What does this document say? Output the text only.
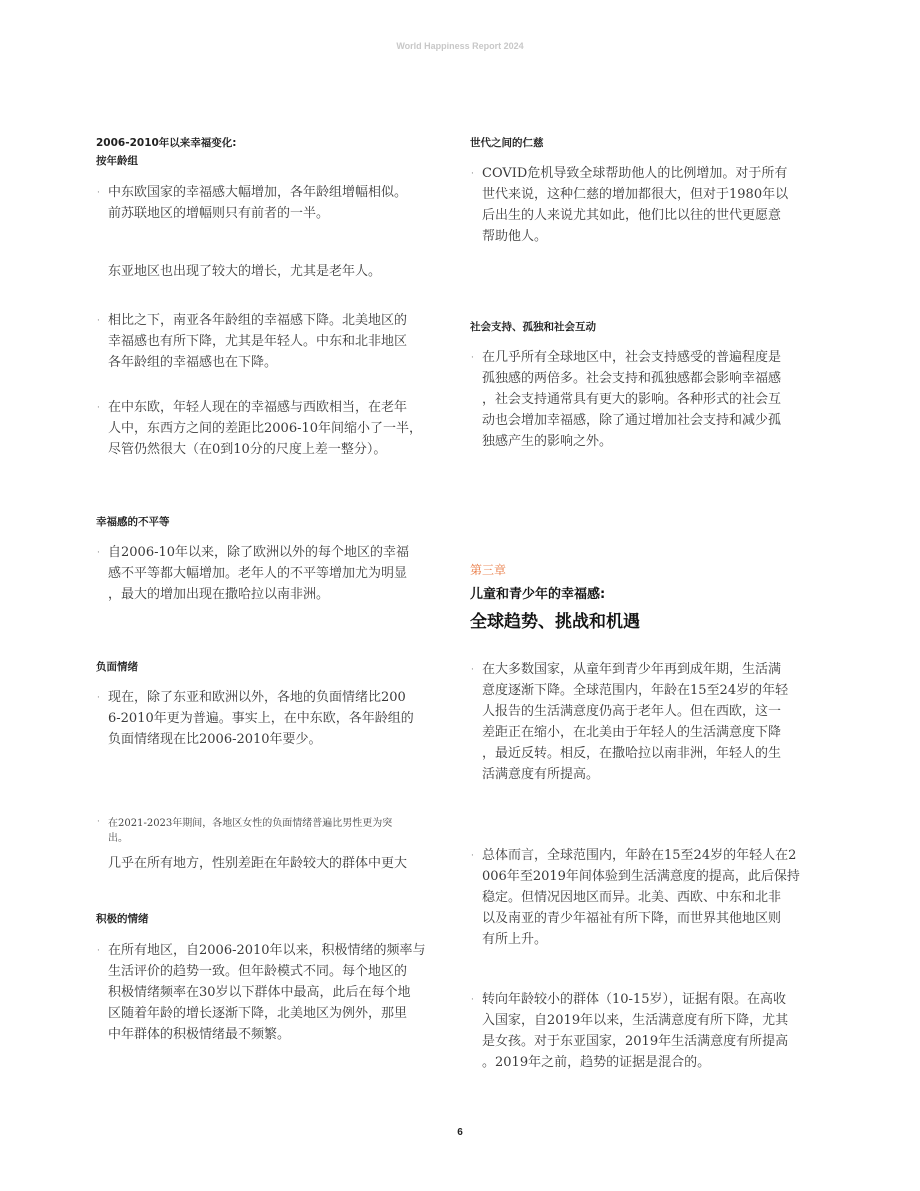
World Happiness Report 2024
2006-2010年以来幸福变化:
按年龄组
· 中东欧国家的幸福感大幅增加，各年龄组增幅相似。
前苏联地区的增幅则只有前者的一半。
东亚地区也出现了较大的增长，尤其是老年人。
· 相比之下，南亚各年龄组的幸福感下降。北美地区的
幸福感也有所下降，尤其是年轻人。中东和北非地区
各年龄组的幸福感也在下降。
· 在中东欧，年轻人现在的幸福感与西欧相当，在老年
人中，东西方之间的差距比2006-10年间缩小了一半，
尽管仍然很大（在0到10分的尺度上差一整分）。
幸福感的不平等
· 自2006-10年以来，除了欧洲以外的每个地区的幸福
感不平等都大幅增加。老年人的不平等增加尤为明显
，最大的增加出现在撒哈拉以南非洲。
负面情绪
· 现在，除了东亚和欧洲以外，各地的负面情绪比200
6-2010年更为普遍。事实上，在中东欧，各年龄组的
负面情绪现在比2006-2010年要少。
· 在2021-2023年期间，各地区女性的负面情绪普遍比男性更为突
出。
几乎在所有地方，性别差距在年龄较大的群体中更大
积极的情绪
· 在所有地区，自2006-2010年以来，积极情绪的频率与
生活评价的趋势一致。但年龄模式不同。每个地区的
积极情绪频率在30岁以下群体中最高，此后在每个地
区随着年龄的增长逐渐下降，北美地区为例外，那里
中年群体的积极情绪最不频繁。
世代之间的仁慈
· COVID危机导致全球帮助他人的比例增加。对于所有
世代来说，这种仁慈的增加都很大，但对于1980年以
后出生的人来说尤其如此，他们比以往的世代更愿意
帮助他人。
社会支持、孤独和社会互动
· 在几乎所有全球地区中，社会支持感受的普遍程度是
孤独感的两倍多。社会支持和孤独感都会影响幸福感
，社会支持通常具有更大的影响。各种形式的社会互
动也会增加幸福感，除了通过增加社会支持和减少孤
独感产生的影响之外。
第三章
儿童和青少年的幸福感:
全球趋势、挑战和机遇
· 在大多数国家，从童年到青少年再到成年期，生活满
意度逐渐下降。全球范围内，年龄在15至24岁的年轻
人报告的生活满意度仍高于老年人。但在西欧，这一
差距正在缩小，在北美由于年轻人的生活满意度下降
，最近反转。相反，在撒哈拉以南非洲，年轻人的生
活满意度有所提高。
· 总体而言，全球范围内，年龄在15至24岁的年轻人在2
006年至2019年间体验到生活满意度的提高，此后保持
稳定。但情况因地区而异。北美、西欧、中东和北非
以及南亚的青少年福祉有所下降，而世界其他地区则
有所上升。
· 转向年龄较小的群体（10-15岁），证据有限。在高收
入国家，自2019年以来，生活满意度有所下降，尤其
是女孩。对于东亚国家，2019年生活满意度有所提高
。2019年之前，趋势的证据是混合的。
6
